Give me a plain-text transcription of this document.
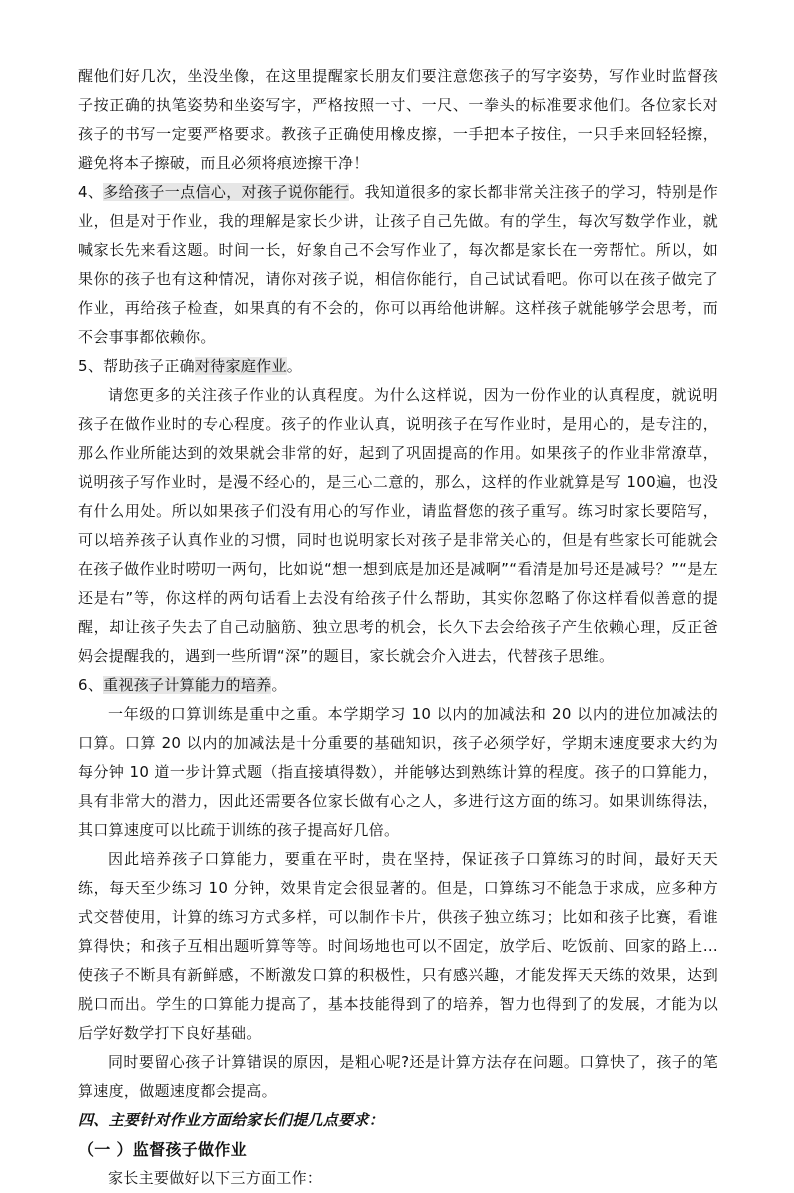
醒他们好几次，坐没坐像，在这里提醒家长朋友们要注意您孩子的写字姿势，写作业时监督孩子按正确的执笔姿势和坐姿写字，严格按照一寸、一尺、一拳头的标准要求他们。各位家长对孩子的书写一定要严格要求。教孩子正确使用橡皮擦，一手把本子按住，一只手来回轻轻擦，避免将本子擦破，而且必须将痕迹擦干净！

4、多给孩子一点信心，对孩子说你能行。我知道很多的家长都非常关注孩子的学习，特别是作业，但是对于作业，我的理解是家长少讲，让孩子自己先做。有的学生，每次写数学作业，就喊家长先来看这题。时间一长，好象自己不会写作业了，每次都是家长在一旁帮忙。所以，如果你的孩子也有这种情况，请你对孩子说，相信你能行，自己试试看吧。你可以在孩子做完了作业，再给孩子检查，如果真的有不会的，你可以再给他讲解。这样孩子就能够学会思考，而不会事事都依赖你。

5、帮助孩子正确对待家庭作业。

请您更多的关注孩子作业的认真程度。为什么这样说，因为一份作业的认真程度，就说明孩子在做作业时的专心程度。孩子的作业认真，说明孩子在写作业时，是用心的，是专注的，那么作业所能达到的效果就会非常的好，起到了巩固提高的作用。如果孩子的作业非常潦草，说明孩子写作业时，是漫不经心的，是三心二意的，那么，这样的作业就算是写 100遍，也没有什么用处。所以如果孩子们没有用心的写作业，请监督您的孩子重写。练习时家长要陪写，可以培养孩子认真作业的习惯，同时也说明家长对孩子是非常关心的，但是有些家长可能就会在孩子做作业时唠叨一两句，比如说“想一想到底是加还是减啊”“看清是加号还是减号？”“是左还是右”等，你这样的两句话看上去没有给孩子什么帮助，其实你忽略了你这样看似善意的提醒，却让孩子失去了自己动脑筋、独立思考的机会，长久下去会给孩子产生依赖心理，反正爸妈会提醒我的，遇到一些所谓“深”的题目，家长就会介入进去，代替孩子思维。

6、重视孩子计算能力的培养。

一年级的口算训练是重中之重。本学期学习 10 以内的加减法和 20 以内的进位加减法的口算。口算 20 以内的加减法是十分重要的基础知识，孩子必须学好，学期末速度要求大约为每分钟 10 道一步计算式题（指直接填得数），并能够达到熟练计算的程度。孩子的口算能力，具有非常大的潜力，因此还需要各位家长做有心之人，多进行这方面的练习。如果训练得法，其口算速度可以比疏于训练的孩子提高好几倍。

因此培养孩子口算能力，要重在平时，贵在坚持，保证孩子口算练习的时间，最好天天练，每天至少练习 10 分钟，效果肯定会很显著的。但是，口算练习不能急于求成，应多种方式交替使用，计算的练习方式多样，可以制作卡片，供孩子独立练习；比如和孩子比赛，看谁算得快；和孩子互相出题听算等等。时间场地也可以不固定，放学后、吃饭前、回家的路上…使孩子不断具有新鲜感，不断激发口算的积极性，只有感兴趣，才能发挥天天练的效果，达到脱口而出。学生的口算能力提高了，基本技能得到了的培养，智力也得到了的发展，才能为以后学好数学打下良好基础。

同时要留心孩子计算错误的原因，是粗心呢?还是计算方法存在问题。口算快了，孩子的笔算速度，做题速度都会提高。

四、主要针对作业方面给家长们提几点要求：

（一 ）监督孩子做作业

家长主要做好以下三方面工作：
